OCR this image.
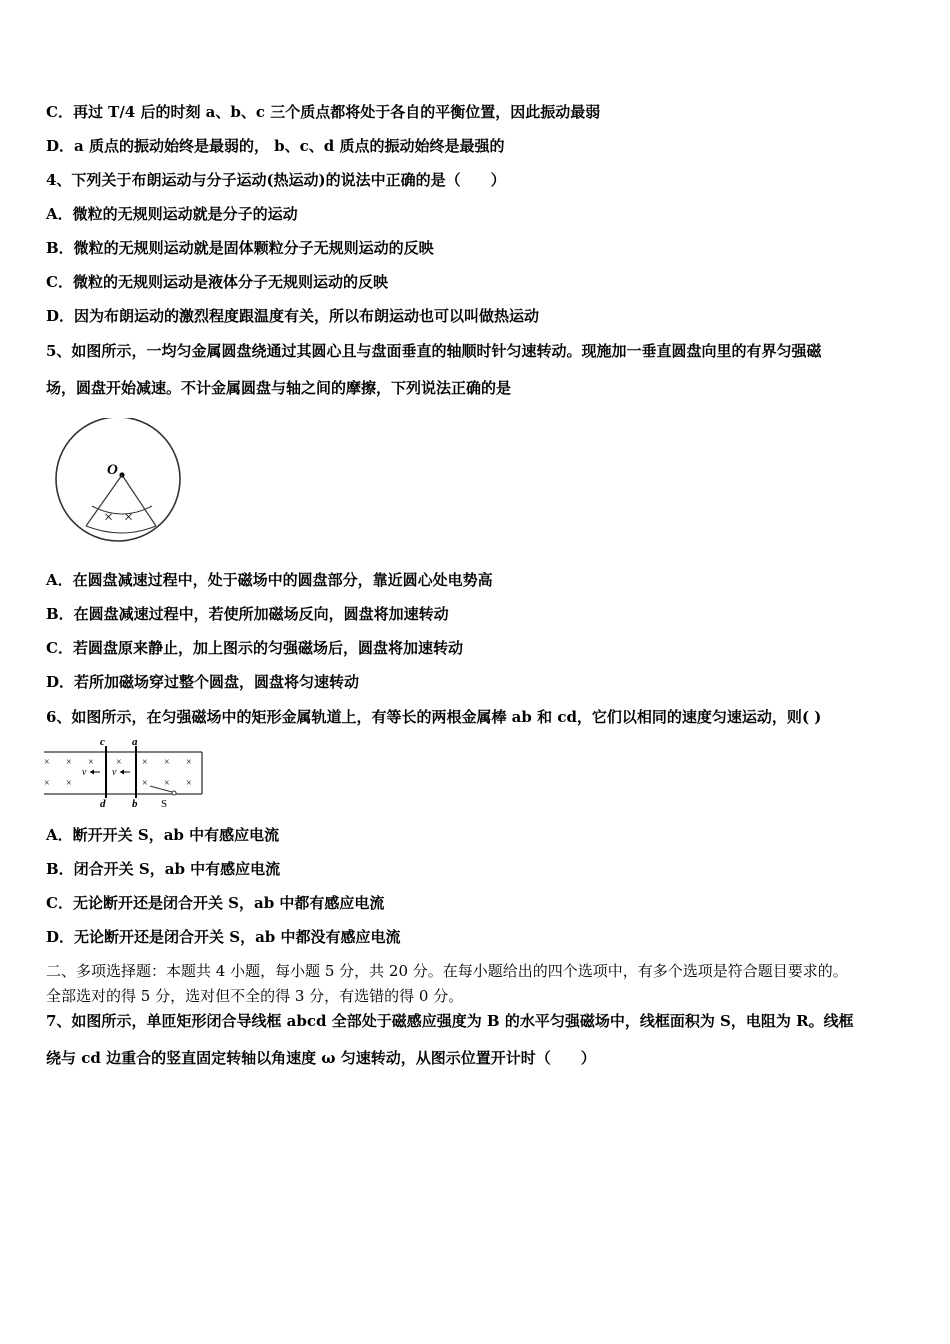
C．再过 T/4 后的时刻 a、b、c 三个质点都将处于各自的平衡位置，因此振动最弱
D．a 质点的振动始终是最弱的， b、c、d 质点的振动始终是最强的
4、下列关于布朗运动与分子运动(热运动)的说法中正确的是（　　）
A．微粒的无规则运动就是分子的运动
B．微粒的无规则运动就是固体颗粒分子无规则运动的反映
C．微粒的无规则运动是液体分子无规则运动的反映
D．因为布朗运动的激烈程度跟温度有关，所以布朗运动也可以叫做热运动
5、如图所示，一均匀金属圆盘绕通过其圆心且与盘面垂直的轴顺时针匀速转动。现施加一垂直圆盘向里的有界匀强磁
场，圆盘开始减速。不计金属圆盘与轴之间的摩擦，下列说法正确的是
O
× ×
A．在圆盘减速过程中，处于磁场中的圆盘部分，靠近圆心处电势高
B．在圆盘减速过程中，若使所加磁场反向，圆盘将加速转动
C．若圆盘原来静止，加上图示的匀强磁场后，圆盘将加速转动
D．若所加磁场穿过整个圆盘，圆盘将匀速转动
6、如图所示，在匀强磁场中的矩形金属轨道上，有等长的两根金属棒 ab 和 cd，它们以相同的速度匀速运动，则( )
c a
d b
v	v
S
× × × × × × ×
× ×	× × ×
A．断开开关 S，ab 中有感应电流
B．闭合开关 S，ab 中有感应电流
C．无论断开还是闭合开关 S，ab 中都有感应电流
D．无论断开还是闭合开关 S，ab 中都没有感应电流
二、多项选择题：本题共 4 小题，每小题 5 分，共 20 分。在每小题给出的四个选项中，有多个选项是符合题目要求的。
全部选对的得 5 分，选对但不全的得 3 分，有选错的得 0 分。
7、如图所示，单匝矩形闭合导线框 abcd 全部处于磁感应强度为 B 的水平匀强磁场中，线框面积为 S，电阻为 R。线框
绕与 cd 边重合的竖直固定转轴以角速度 ω 匀速转动，从图示位置开计时（　　）
